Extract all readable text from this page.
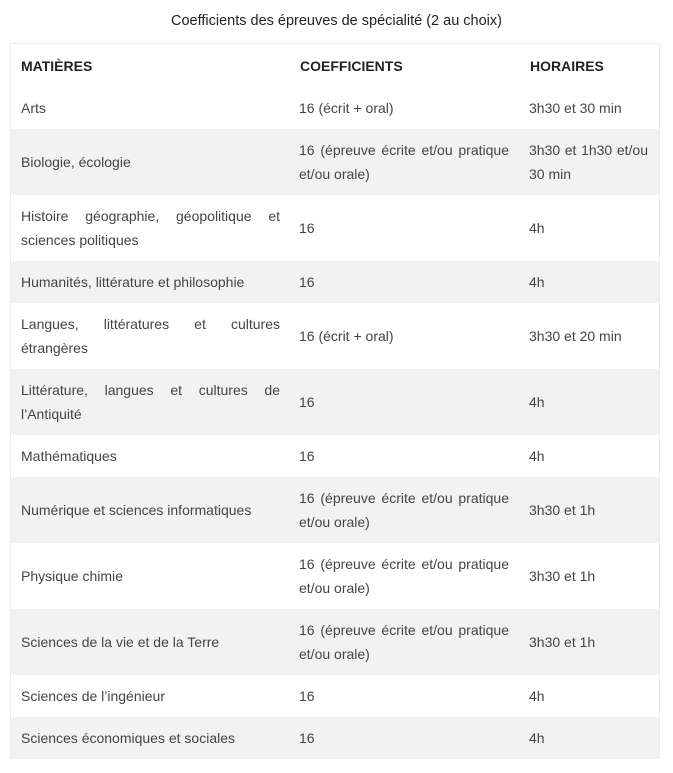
Coefficients des épreuves de spécialité (2 au choix)
MATIÈRES	COEFFICIENTS	HORAIRES
Arts	16 (écrit + oral)	3h30 et 30 min
Biologie, écologie	16 (épreuve écrite et/ou pratique et/ou orale)	3h30 et 1h30 et/ou 30 min
Histoire géographie, géopolitique et sciences politiques	16	4h
Humanités, littérature et philosophie	16	4h
Langues, littératures et cultures étrangères	16 (écrit + oral)	3h30 et 20 min
Littérature, langues et cultures de l’Antiquité	16	4h
Mathématiques	16	4h
Numérique et sciences informatiques	16 (épreuve écrite et/ou pratique et/ou orale)	3h30 et 1h
Physique chimie	16 (épreuve écrite et/ou pratique et/ou orale)	3h30 et 1h
Sciences de la vie et de la Terre	16 (épreuve écrite et/ou pratique et/ou orale)	3h30 et 1h
Sciences de l’ingénieur	16	4h
Sciences économiques et sociales	16	4h
